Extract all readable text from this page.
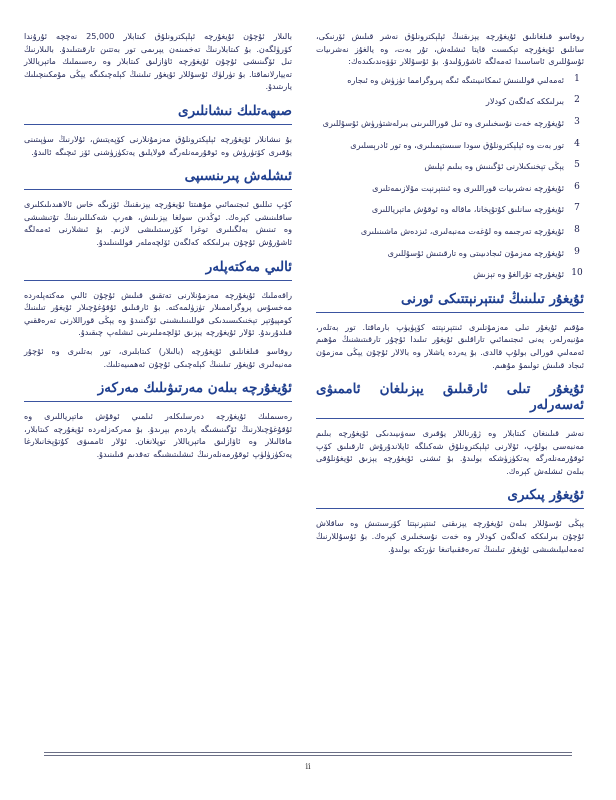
ﺭﻭﻓﺎﺳﻮ ﻗﯩﻠﻐﺎﻧﻠﯩﻖ ﺋﯘﻳﻐﯘﺭﭼﻪ ﻳﯧﺰﯨﻘﻨﯩﯔ ﺋﯧﻠﯧﻜﺘﺮﻭﻧﻠﯘﻕ ﻧﻪﺷﺮ ﻗﯩﻠﯩﺶ ﺋﯚﺭﻧﯩﻜﻰ، ﺳﺎﻧﻠﯩﻖ ﺋﯘﻳﻐﯘﺭﭼﻪ ﺗﯧﻜﯩﺴﺖ ﻗﺎﻳﺘﺎ ﺋﯩﺸﻠﻪﺵ، ﺗﯘﺭ ﺑﻪﺕ، ﻭﻩ ﻳﺎﻟﻐﯘﺯ ﻧﻪﺷﺮﯨﻴﺎﺕ ﺋﯘﺳﯘﻟﻠﯩﺮﻯ ﺋﺎﺳﺎﺳﯩﺪﺍ ﺋﻪﻣﻪﻟﮕﻪ ﺋﺎﺷﯘﺭﯗﻟﯩﺪﯗ. ﺑﯘ ﺋﯘﺳﯘﻟﻼﺭ ﺗﯚﯞﻩﻧﺪﯨﻜﯩﺪﻩﻙ:

1
ﺋﻪﻣﻪﻟﯩﻲ ﻗﻮﻟﻠﯩﻨﯩﺶ ﺋﯩﻤﻜﺎﻧﯩﻴﯩﺘﯩﮕﻪ ﺋﯩﮕﻪ ﭘﯩﺮﻭﮔﺮﺍﻣﻤﺎ ﺗﯜﺯﯛﺵ ﻭﻩ ﺋﯩﺠﺎﺭﻩ
2
ﺑﯩﺮﻟﯩﻜﻜﻪ ﻛﻪﻟﮕﻪﻥ ﻛﻮﺩﻻﺭ
3
ﺋﯘﻳﻐﯘﺭﭼﻪ ﺧﻪﺕ ﻧﯘﺳﺨﯩﻠﯩﺮﻯ ﻭﻩ ﺗﯩﻞ ﻗﻮﺭﺍﻟﻠﯩﺮﯨﻨﻰ ﺑﯩﺮﻟﻪﺷﺘﯜﺭﯛﺵ ﺋﯘﺳﯘﻟﻠﯩﺮﻯ
4
ﺗﻮﺭ ﺑﻪﺕ ﻭﻩ ﺋﯧﻠﯧﻜﺘﺮﻭﻧﻠﯘﻕ ﺳﻮﺩﺍ ﺳﯩﺴﺘﯧﻤﯩﻠﯩﺮﻯ، ﻭﻩ ﺗﻮﺭ ﺋﺎﺩﺭﯦﺴﻠﯩﺮﻯ
5
ﻳﯧﯖﻰ ﺗﯧﺨﻨﯩﻜﯩﻼﺭﻧﻰ ﺋﯚﮔﯩﻨﯩﺶ ﻭﻩ ﺑﯩﻠﯩﻢ ﺋﯧﻠﯩﺶ
6
ﺋﯘﻳﻐﯘﺭﭼﻪ ﻧﻪﺷﺮﯨﻴﺎﺕ ﻗﻮﺭﺍﻟﻠﯩﺮﻯ ﻭﻩ ﺋﯩﻨﺘﯧﺮﻧﯧﺖ ﻣﯘﻻﺯﯨﻤﻪﺗﻠﯩﺮﻯ
7
ﺋﯘﻳﻐﯘﺭﭼﻪ ﺳﺎﻧﻠﯩﻖ ﻛﯘﺗﯘﭘﺨﺎﻧﺎ، ﻣﺎﻗﺎﻟﻪ ﻭﻩ ﺋﻮﻗﯘﺵ ﻣﺎﺗﯧﺮﻳﺎﻟﻠﯩﺮﻯ
8
ﺋﯘﻳﻐﯘﺭﭼﻪ ﺗﻪﺭﺟﯩﻤﻪ ﻭﻩ ﻟﯘﻏﻪﺕ ﻣﻪﻧﺒﻪﻟﯩﺮﻯ، ﺋﯩﺰﺩﻩﺵ ﻣﺎﺷﯩﻨﯩﻠﯩﺮﻯ
9
ﺋﯘﻳﻐﯘﺭﭼﻪ ﻣﻪﺯﻣﯘﻥ ﺋﯩﺠﺎﺩﯨﻴﯩﺘﻰ ﻭﻩ ﺗﺎﺭﻗﯩﺘﯩﺶ ﺋﯘﺳﯘﻟﻠﯩﺮﻯ
10
ﺋﯘﻳﻐﯘﺭﭼﻪ ﺗﯘﺭﺍﻟﻐﯘ ﻭﻩ ﺗﯧﺰﯨﺶ
ﺋﯘﻳﻐﯘﺭ ﺗﯩﻠﯩﻨﯩﯔ ﺋﯩﻨﺘﯧﺮﻧﯧﺘﺘﯩﻜﻰ ﺋﻮﺭﻧﻰ

ﻣﯘﻗﯩﻢ ﺋﯘﻳﻐﯘﺭ ﺗﯩﻠﻰ ﻣﻪﺯﻣﯘﻧﻠﯩﺮﻯ ﺋﯩﻨﺘﯧﺮﻧﯧﺘﺘﻪ ﻛﯚﭘﯜﻳﯜﭖ ﺑﺎﺭﻣﺎﻗﺘﺎ. ﺗﻮﺭ ﺑﻪﺗﻠﻪﺭ، ﻣﯘﻧﺒﻪﺭﻟﻪﺭ، ﻳﻪﻧﻰ ﺋﯩﺠﺘﯩﻤﺎﺋﯩﻲ ﺗﺎﺭﺍﻗﻠﯩﻖ ﺋﯘﻳﻐﯘﺭ ﺗﯩﻠﯩﺪﺍ ﺋﯘﭼﯘﺭ ﺗﺎﺭﻗﯩﺘﯩﺸﻨﯩﯔ ﻣﯘﮬﯩﻢ ﺋﻪﻣﻪﻟﯩﻲ ﻗﻮﺭﺍﻟﻰ ﺑﻮﻟﯘﭖ ﻗﺎﻟﺪﻯ. ﺑﯘ ﻳﻪﺭﺩﻩ ﻳﺎﺷﻼﺭ ﻭﻩ ﺑﺎﻻﻻﺭ ﺋﯘﭼﯘﻥ ﻳﯧﯖﻰ ﻣﻪﺯﻣﯘﻥ ﺋﯩﺠﺎﺩ ﻗﯩﻠﯩﺶ ﺗﻮﻟﯩﻤﯘ ﻣﯘﮬﯩﻢ.

ﺋﯘﻳﻐﯘﺭ ﺗﯩﻠﻰ ﺋﺎﺭﻗﯩﻠﯩﻖ ﻳﯧﺰﯨﻠﻐﺎﻥ ﺋﺎﻣﻤﯩﯟﻯ ﺋﻪﺳﻪﺭﻟﻪﺭ

ﻧﻪﺷﺮ ﻗﯩﻠﯩﻨﻐﺎﻥ ﻛﯩﺘﺎﺑﻼﺭ ﻭﻩ ﮊﯗﺭﻧﺎﻟﻼﺭ ﻳﯘﻗﯩﺮﻯ ﺳﻪﯞﯨﻴﯩﺪﯨﻜﻰ ﺋﯘﻳﻐﯘﺭﭼﻪ ﺑﯩﻠﯩﻢ ﻣﻪﻧﺒﻪﺳﻰ ﺑﻮﻟﯘﭖ، ﺋﯘﻻﺭﻧﻰ ﺋﯧﻠﯧﻜﺘﺮﻭﻧﻠﯘﻕ ﺷﻪﻛﯩﻠﮕﻪ ﺋﺎﻳﻼﻧﺪﯗﺭﯗﺵ ﺋﺎﺭﻗﯩﻠﯩﻖ ﻛﯚﭖ ﺋﻮﻗﯘﺭﻣﻪﻧﻠﻪﺭﮔﻪ ﻳﻪﺗﻜﯜﺯﯛﺷﻜﻪ ﺑﻮﻟﯩﺪﯗ. ﺑﯘ ﺋﯩﺸﻨﻰ ﺋﯘﻳﻐﯘﺭﭼﻪ ﻳﯧﺰﯨﻖ ﺋﯘﻳﻐﯘﻧﻠﯘﻗﻰ ﺑﯩﻠﻪﻥ ﺋﯩﺸﻠﻪﺵ ﻛﯧﺮﻩﻙ.

ﺋﯘﻳﻐﯘﺭ ﭘﯩﻜﯩﺮﻯ

ﻳﯧﯖﻰ ﺋﯘﺳﯘﻟﻼﺭ ﺑﯩﻠﻪﻥ ﺋﯘﻳﻐﯘﺭﭼﻪ ﻳﯧﺰﯨﻘﻨﻰ ﺋﯩﻨﺘﯧﺮﻧﯧﺘﺘﺎ ﻛﯚﺭﺳﯩﺘﯩﺶ ﻭﻩ ﺳﺎﻗﻼﺵ ﺋﯘﭼﯘﻥ ﺑﯩﺮﻟﯩﻜﻜﻪ ﻛﻪﻟﮕﻪﻥ ﻛﻮﺩﻻﺭ ﻭﻩ ﺧﻪﺕ ﻧﯘﺳﺨﯩﻠﯩﺮﻯ ﻛﯧﺮﻩﻙ. ﺑﯘ ﺋﯘﺳﯘﻟﻼﺭﻧﯩﯔ ﺋﻪﻣﻪﻟﯩﻴﻠﯩﺸﯩﺸﻰ ﺋﯘﻳﻐﯘﺭ ﺗﯩﻠﯩﻨﯩﯔ ﺗﻪﺭﻩﻗﻘﯩﻴﺎﺗﯩﻐﺎ ﺗﯜﺭﺗﻜﻪ ﺑﻮﻟﯩﺪﯗ.

ﺑﺎﻟﯩﻼﺭ ﺋﯘﭼﯘﻥ ﺋﯘﻳﻐﯘﺭﭼﻪ ﺋﯧﻠﯧﻜﺘﺮﻭﻧﻠﯘﻕ ﻛﯩﺘﺎﺑﻼﺭ 25,000 ﻧﻪﭼﭽﻪ ﺋﯘﺭﯗﻧﺪﺍ ﻛﯚﺭﯛﻟﮕﻪﻥ. ﺑﯘ ﻛﯩﺘﺎﺑﻼﺭﻧﯩﯔ ﺗﻪﺧﻤﯩﻨﻪﻥ ﻳﯧﺮﯨﻤﻰ ﺗﻮﺭ ﺑﻪﺗﺘﯩﻦ ﺗﺎﺭﻗﯩﺘﯩﻠﯩﺪﯗ. ﺑﺎﻟﯩﻼﺭﻧﯩﯔ ﺗﯩﻞ ﺋﯚﮔﯩﻨﯩﺸﻰ ﺋﯘﭼﯘﻥ ﺋﯘﻳﻐﯘﺭﭼﻪ ﺋﺎﯞﺍﺯﻟﯩﻖ ﻛﯩﺘﺎﺑﻼﺭ ﻭﻩ ﺭﻩﺳﯩﻤﻠﯩﻚ ﻣﺎﺗﯧﺮﻳﺎﻟﻼﺭ ﺗﻪﻳﻴﺎﺭﻻﻧﻤﺎﻗﺘﺎ. ﺑﯘ ﺗﯜﺭﻟﯜﻙ ﺋﯘﺳﯘﻟﻼﺭ ﺋﯘﻳﻐﯘﺭ ﺗﯩﻠﯩﻨﯩﯔ ﻛﯧﻠﻪﭼﯩﻜﯩﮕﻪ ﻳﯧﯖﻰ ﻣﯘﻣﻜﯩﻨﭽﯩﻠﯩﻚ ﻳﺎﺭﯨﺘﯩﺪﯗ.

ﺻﯩﮫﻪﺗﻠﯩﻚ ﻧﯩﺸﺎﻧﻠﯩﺮﻯ

ﺑﯘ ﻧﯩﺸﺎﻧﻼﺭ ﺋﯘﻳﻐﯘﺭﭼﻪ ﺋﯧﻠﯧﻜﺘﺮﻭﻧﻠﯘﻕ ﻣﻪﺯﻣﯘﻧﻼﺭﻧﻰ ﻛﯚﭘﻪﻳﺘﯩﺶ، ﺋﯘﻻﺭﻧﯩﯔ ﺳﯜﭘﯩﺘﯩﻨﻰ ﻳﯘﻗﯩﺮﻯ ﻛﯚﺗﯜﺭﯛﺵ ﻭﻩ ﺋﻮﻗﯘﺭﻣﻪﻧﻠﻪﺭﮔﻪ ﻗﻮﻻﻳﻠﯩﻖ ﻳﻪﺗﻜﯜﺯﯛﺷﻨﻰ ﺋﯚﺯ ﺋﯩﭽﯩﮕﻪ ﺋﺎﻟﯩﺪﯗ.

ﺋﯩﺸﻠﻪﺵ ﭘﯩﺮﯨﻨﺴﯩﭙﻰ

ﻛﯚﭖ ﺗﯩﻠﻠﯩﻖ ﺋﯩﺠﺘﯩﻤﺎﺋﯩﻲ ﻣﯘﮬﯩﺘﺘﺎ ﺋﯘﻳﻐﯘﺭﭼﻪ ﻳﯧﺰﯨﻘﻨﯩﯔ ﺋﯚﺯﯨﮕﻪ ﺧﺎﺱ ﺋﺎﻻﮬﯩﺪﯨﻠﯩﻜﻠﯩﺮﻯ ﺳﺎﻗﻠﯩﻨﯩﺸﻰ ﻛﯧﺮﻩﻙ. ﺋﻮﯕﺪﯨﻦ ﺳﻮﻟﻐﺎ ﻳﯧﺰﯨﻠﯩﺶ، ﮬﻪﺭﭖ ﺷﻪﻛﯩﻠﻠﯩﺮﯨﻨﯩﯔ ﺗﯘﺗﯩﺸﯩﺸﻰ ﻭﻩ ﺗﯩﻨﯩﺶ ﺑﻪﻟﮕﯩﻠﯩﺮﻯ ﺗﻮﻏﺮﺍ ﻛﯚﺭﺳﯩﺘﯩﻠﯩﺸﻰ ﻻﺯﯨﻢ. ﺑﯘ ﺋﯩﺸﻼﺭﻧﻰ ﺋﻪﻣﻪﻟﮕﻪ ﺋﺎﺷﯘﺭﯗﺵ ﺋﯘﭼﯘﻥ ﺑﯩﺮﻟﯩﻜﻜﻪ ﻛﻪﻟﮕﻪﻥ ﺋﯚﻟﭽﻪﻣﻠﻪﺭ ﻗﻮﻟﻠﯩﻨﯩﻠﯩﺪﯗ.

ﺋﺎﻟﯩﻲ ﻣﻪﻛﺘﻪﭘﻠﻪﺭ

ﺭﺍﻗﻪﻣﻠﯩﻚ ﺋﯘﻳﻐﯘﺭﭼﻪ ﻣﻪﺯﻣﯘﻧﻼﺭﻧﻰ ﺗﻪﺗﻘﯩﻖ ﻗﯩﻠﯩﺶ ﺋﯘﭼﯘﻥ ﺋﺎﻟﯩﻲ ﻣﻪﻛﺘﻪﭘﻠﻪﺭﺩﻩ ﻣﻪﺧﺴﯘﺱ ﭘﺮﻭﮔﺮﺍﻣﻤﯩﻼﺭ ﺗﯜﺯﯛﻟﻤﻪﻛﺘﻪ. ﺑﯘ ﺋﺎﺭﻗﯩﻠﯩﻖ ﺋﯘﻗﯘﻏﯘﭼﯩﻼﺭ ﺋﯘﻳﻐﯘﺭ ﺗﯩﻠﯩﻨﯩﯔ ﻛﻮﻣﭙﻴﯘﺗﯧﺮ ﺗﯧﺨﻨﯩﻜﯩﺴﯩﺪﯨﻜﻰ ﻗﻮﻟﻠﯩﻨﯩﻠﯩﺸﯩﻨﻰ ﺋﯚﮔﯩﻨﯩﺪﯗ ﻭﻩ ﻳﯧﯖﻰ ﻗﻮﺭﺍﻟﻼﺭﻧﻰ ﺗﻪﺭﻩﻗﻘﯩﻲ ﻗﯩﻠﺪﯗﺭﯨﺪﯗ. ﺋﯘﻻﺭ ﺋﯘﻳﻐﯘﺭﭼﻪ ﻳﯧﺰﯨﻖ ﺋﯚﻟﭽﻪﻣﻠﯩﺮﯨﻨﻰ ﺋﯩﺸﻠﻪﭖ ﭼﯩﻘﯩﺪﯗ.

ﺭﻭﻓﺎﺳﻮ ﻗﯩﻠﻐﺎﻧﻠﯩﻖ ﺋﯘﻳﻐﯘﺭﭼﻪ (ﺑﺎﻟﯩﻼﺭ) ﻛﯩﺘﺎﺑﻠﯩﺮﻯ، ﺗﻮﺭ ﺑﻪﺗﻠﯩﺮﻯ ﻭﻩ ﺋﯘﭼﯘﺭ ﻣﻪﻧﺒﻪﻟﯩﺮﻯ ﺋﯘﻳﻐﯘﺭ ﺗﯩﻠﯩﻨﯩﯔ ﻛﯧﻠﻪﭼﯩﻜﻰ ﺋﯘﭼﯘﻥ ﺋﻪﮬﻤﯩﻴﻪﺗﻠﯩﻚ.

ﺋﯘﻳﻐﯘﺭﭼﻪ ﺑﯩﻠﻪﻥ ﻣﻪﺭﺗﯩﯟﯨﻠﯩﻚ ﻣﻪﺭﻛﻪﺯ

ﺭﻩﺳﯩﻤﻠﯩﻚ ﺋﯘﻳﻐﯘﺭﭼﻪ ﺩﻩﺭﺳﻠﯩﻜﻠﻪﺭ ﺋﯩﻠﻤﯩﻲ ﺋﻮﻗﯘﺵ ﻣﺎﺗﯧﺮﻳﺎﻟﻠﯩﺮﻯ ﻭﻩ ﺋﯘﻗﯘﻏﯘﭼﯩﻼﺭﻧﯩﯔ ﺋﯚﮔﯩﻨﯩﺸﯩﮕﻪ ﻳﺎﺭﺩﻩﻡ ﺑﯧﺮﯨﺪﯗ. ﺑﯘ ﻣﻪﺭﻛﻪﺯﻟﻪﺭﺩﻩ ﺋﯘﻳﻐﯘﺭﭼﻪ ﻛﯩﺘﺎﺑﻼﺭ، ﻣﺎﻗﺎﻟﯩﻼﺭ ﻭﻩ ﺋﺎﯞﺍﺯﻟﯩﻖ ﻣﺎﺗﯧﺮﻳﺎﻟﻼﺭ ﺗﻮﭘﻼﻧﻐﺎﻥ. ﺋﯘﻻﺭ ﺋﺎﻣﻤﯩﯟﻯ ﻛﯘﺗﯘﭘﺨﺎﻧﯩﻼﺭﻏﺎ ﻳﻪﺗﻜﯜﺯﯛﻟﯜﭖ ﺋﻮﻗﯘﺭﻣﻪﻧﻠﻪﺭﻧﯩﯔ ﺋﯩﺸﻠﯩﺘﯩﺸﯩﮕﻪ ﺗﻪﻗﺪﯨﻢ ﻗﯩﻠﯩﻨﯩﺪﯗ.

ii
